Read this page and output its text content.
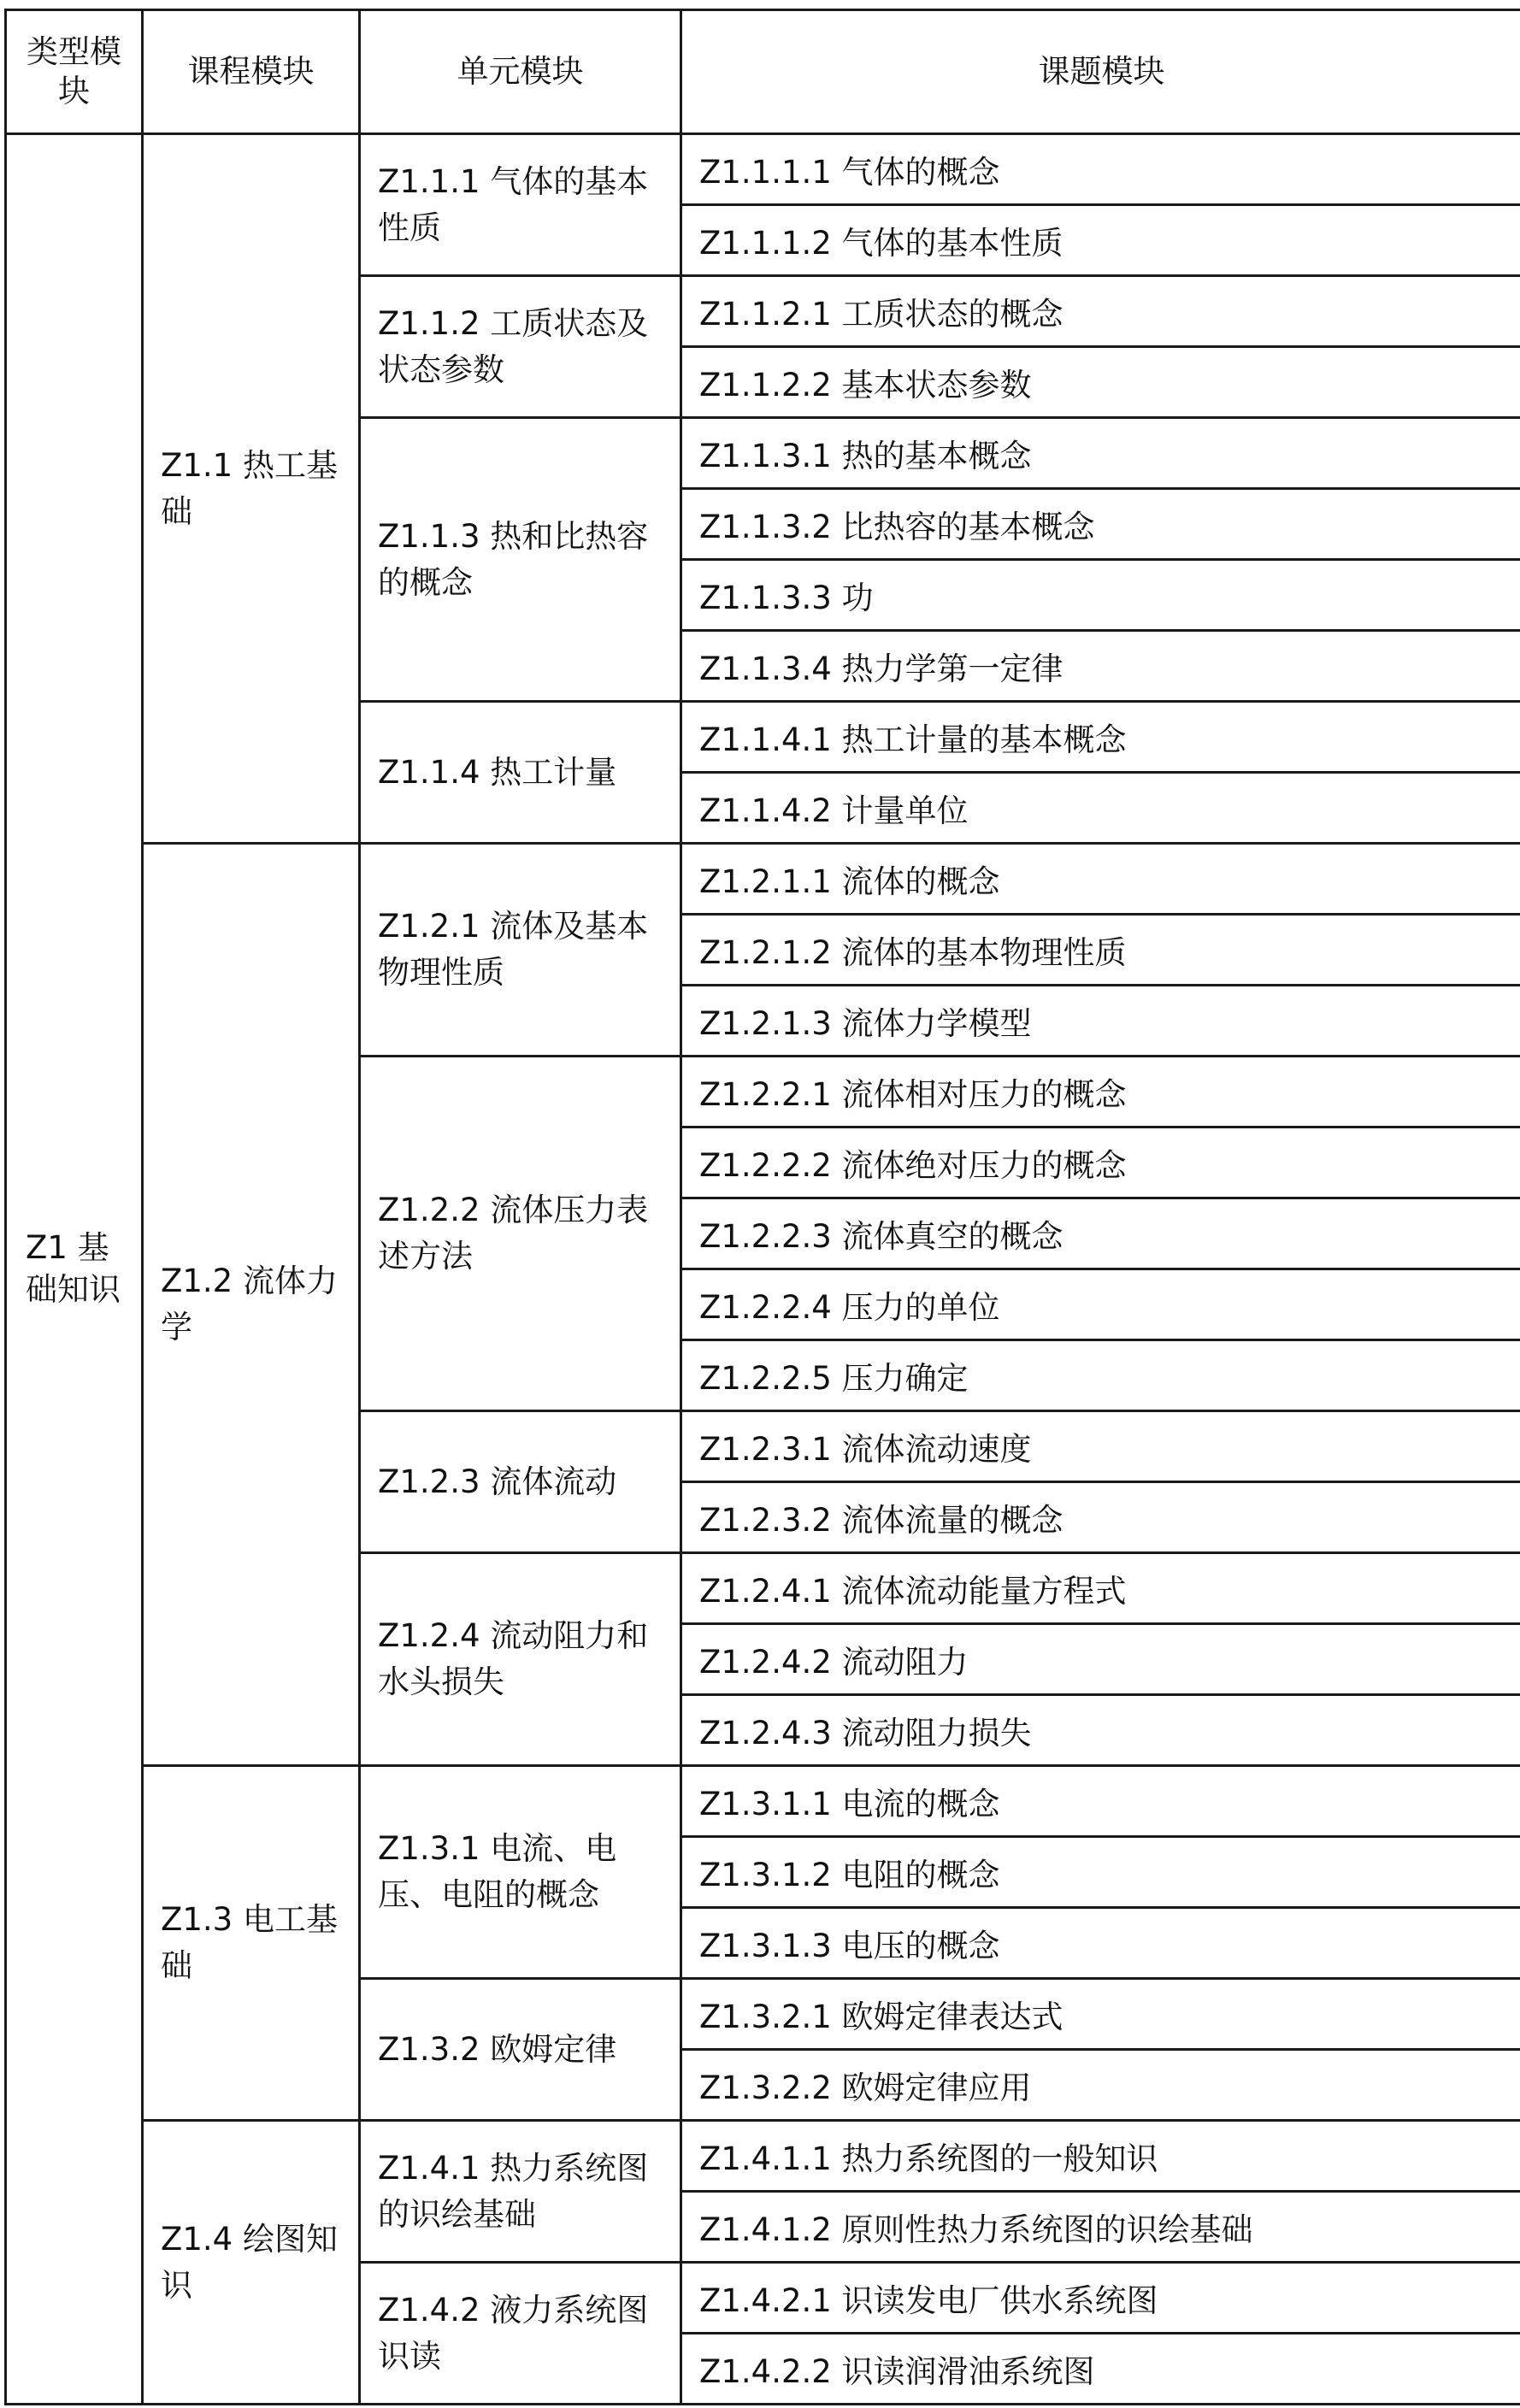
类型模块	课程模块	单元模块	课题模块
Z1 基础知识	Z1.1 热工基础	Z1.1.1 气体的基本性质	Z1.1.1.1 气体的概念
			Z1.1.1.2 气体的基本性质
		Z1.1.2 工质状态及状态参数	Z1.1.2.1 工质状态的概念
			Z1.1.2.2 基本状态参数
		Z1.1.3 热和比热容的概念	Z1.1.3.1 热的基本概念
			Z1.1.3.2 比热容的基本概念
			Z1.1.3.3 功
			Z1.1.3.4 热力学第一定律
		Z1.1.4 热工计量	Z1.1.4.1 热工计量的基本概念
			Z1.1.4.2 计量单位
	Z1.2 流体力学	Z1.2.1 流体及基本物理性质	Z1.2.1.1 流体的概念
			Z1.2.1.2 流体的基本物理性质
			Z1.2.1.3 流体力学模型
		Z1.2.2 流体压力表述方法	Z1.2.2.1 流体相对压力的概念
			Z1.2.2.2 流体绝对压力的概念
			Z1.2.2.3 流体真空的概念
			Z1.2.2.4 压力的单位
			Z1.2.2.5 压力确定
		Z1.2.3 流体流动	Z1.2.3.1 流体流动速度
			Z1.2.3.2 流体流量的概念
		Z1.2.4 流动阻力和水头损失	Z1.2.4.1 流体流动能量方程式
			Z1.2.4.2 流动阻力
			Z1.2.4.3 流动阻力损失
	Z1.3 电工基础	Z1.3.1 电流、电压、电阻的概念	Z1.3.1.1 电流的概念
			Z1.3.1.2 电阻的概念
			Z1.3.1.3 电压的概念
		Z1.3.2 欧姆定律	Z1.3.2.1 欧姆定律表达式
			Z1.3.2.2 欧姆定律应用
	Z1.4 绘图知识	Z1.4.1 热力系统图的识绘基础	Z1.4.1.1 热力系统图的一般知识
			Z1.4.1.2 原则性热力系统图的识绘基础
		Z1.4.2 液力系统图识读	Z1.4.2.1 识读发电厂供水系统图
			Z1.4.2.2 识读润滑油系统图
